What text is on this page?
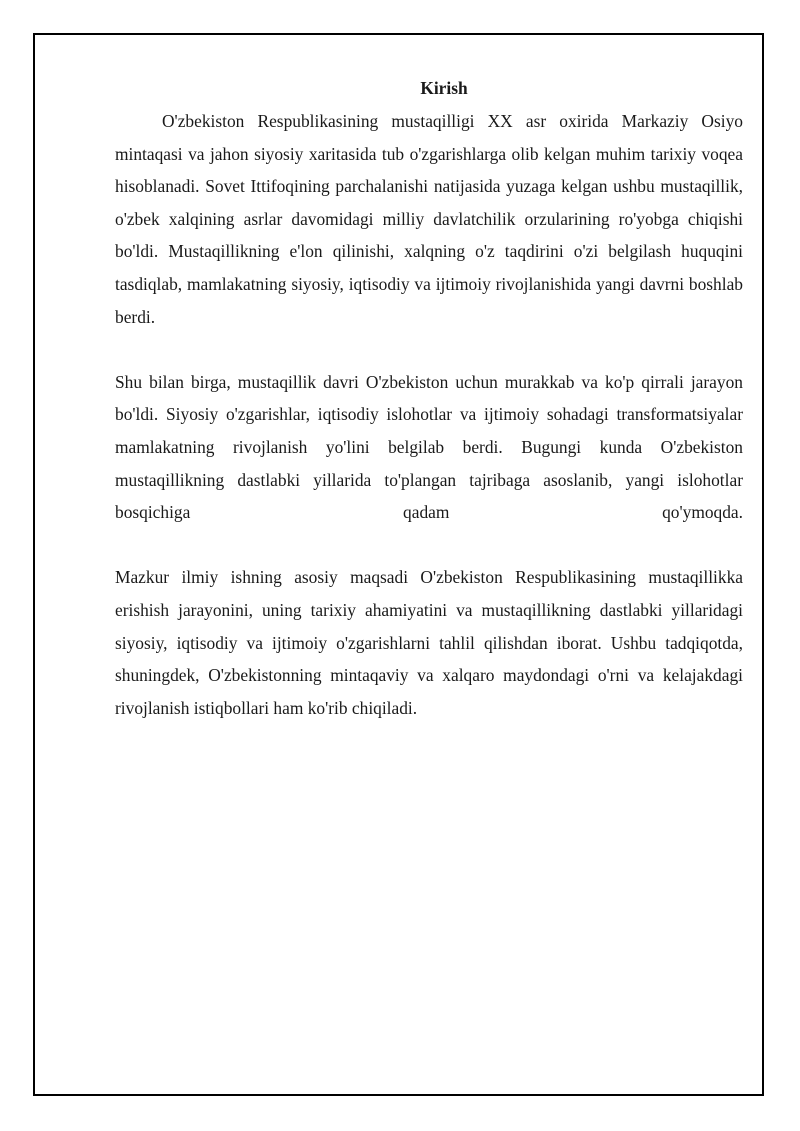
Kirish

O'zbekiston Respublikasining mustaqilligi XX asr oxirida Markaziy Osiyo mintaqasi va jahon siyosiy xaritasida tub o'zgarishlarga olib kelgan muhim tarixiy voqea hisoblanadi. Sovet Ittifoqining parchalanishi natijasida yuzaga kelgan ushbu mustaqillik, o'zbek xalqining asrlar davomidagi milliy davlatchilik orzularining ro'yobga chiqishi bo'ldi. Mustaqillikning e'lon qilinishi, xalqning o'z taqdirini o'zi belgilash huquqini tasdiqlab, mamlakatning siyosiy, iqtisodiy va ijtimoiy rivojlanishida yangi davrni boshlab berdi.

Shu bilan birga, mustaqillik davri O'zbekiston uchun murakkab va ko'p qirrali jarayon bo'ldi. Siyosiy o'zgarishlar, iqtisodiy islohotlar va ijtimoiy sohadagi transformatsiyalar mamlakatning rivojlanish yo'lini belgilab berdi. Bugungi kunda O'zbekiston mustaqillikning dastlabki yillarida to'plangan tajribaga asoslanib, yangi islohotlar bosqichiga qadam qo'ymoqda.

Mazkur ilmiy ishning asosiy maqsadi O'zbekiston Respublikasining mustaqillikka erishish jarayonini, uning tarixiy ahamiyatini va mustaqillikning dastlabki yillaridagi siyosiy, iqtisodiy va ijtimoiy o'zgarishlarni tahlil qilishdan iborat. Ushbu tadqiqotda, shuningdek, O'zbekistonning mintaqaviy va xalqaro maydondagi o'rni va kelajakdagi rivojlanish istiqbollari ham ko'rib chiqiladi.
